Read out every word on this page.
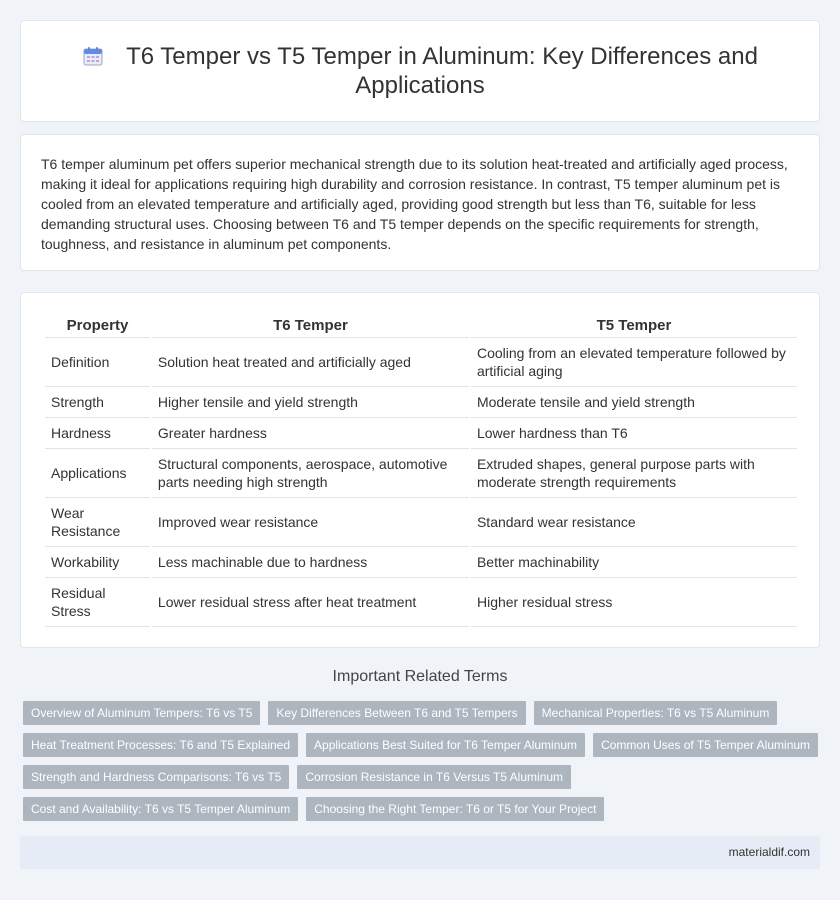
T6 Temper vs T5 Temper in Aluminum: Key Differences and Applications

T6 temper aluminum pet offers superior mechanical strength due to its solution heat-treated and artificially aged process, making it ideal for applications requiring high durability and corrosion resistance. In contrast, T5 temper aluminum pet is cooled from an elevated temperature and artificially aged, providing good strength but less than T6, suitable for less demanding structural uses. Choosing between T6 and T5 temper depends on the specific requirements for strength, toughness, and resistance in aluminum pet components.

Property	T6 Temper	T5 Temper
Definition	Solution heat treated and artificially aged	Cooling from an elevated temperature followed by artificial aging
Strength	Higher tensile and yield strength	Moderate tensile and yield strength
Hardness	Greater hardness	Lower hardness than T6
Applications	Structural components, aerospace, automotive parts needing high strength	Extruded shapes, general purpose parts with moderate strength requirements
Wear Resistance	Improved wear resistance	Standard wear resistance
Workability	Less machinable due to hardness	Better machinability
Residual Stress	Lower residual stress after heat treatment	Higher residual stress
Important Related Terms
Overview of Aluminum Tempers: T6 vs T5	Key Differences Between T6 and T5 Tempers	Mechanical Properties: T6 vs T5 Aluminum
Heat Treatment Processes: T6 and T5 Explained	Applications Best Suited for T6 Temper Aluminum	Common Uses of T5 Temper Aluminum
Strength and Hardness Comparisons: T6 vs T5	Corrosion Resistance in T6 Versus T5 Aluminum
Cost and Availability: T6 vs T5 Temper Aluminum	Choosing the Right Temper: T6 or T5 for Your Project
materialdif.com
